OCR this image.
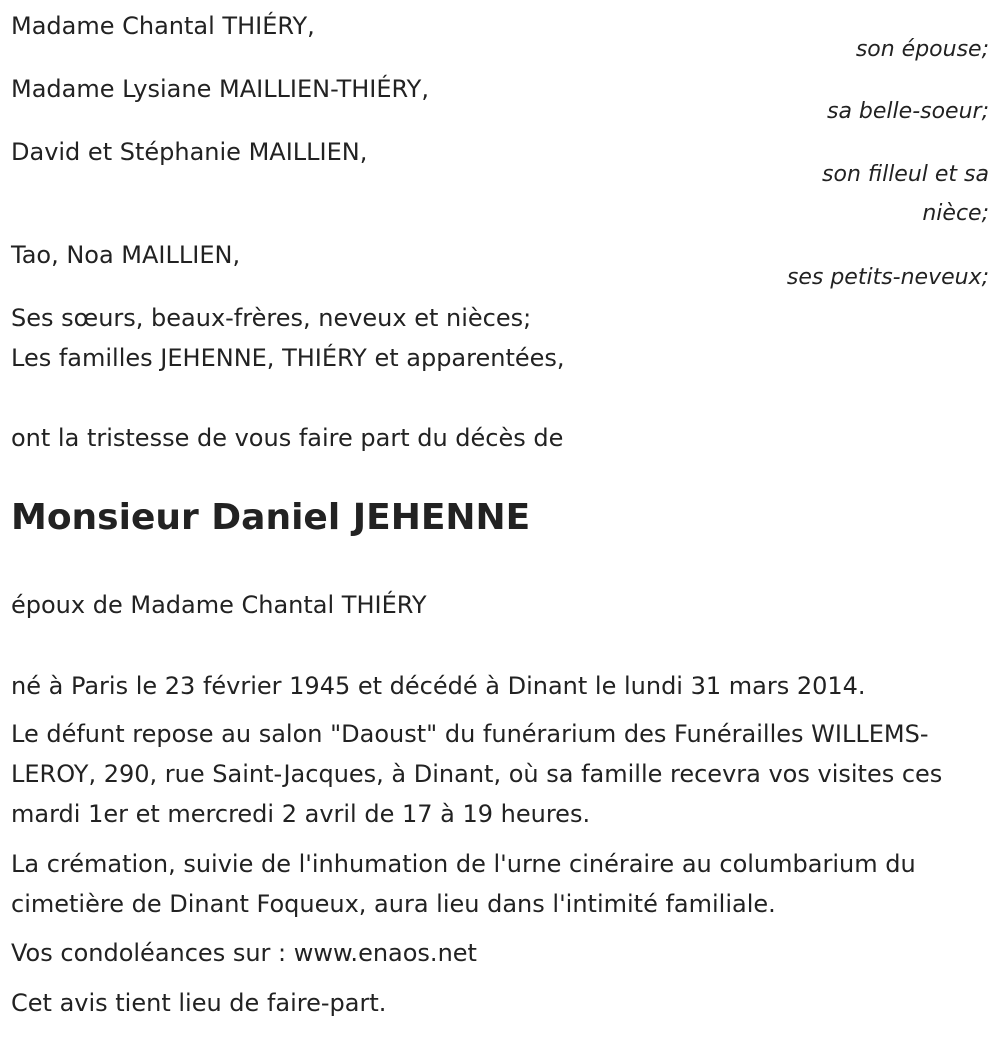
Madame Chantal THIÉRY,
son épouse;
Madame Lysiane MAILLIEN-THIÉRY,
sa belle-soeur;
David et Stéphanie MAILLIEN,
son filleul et sa
nièce;
Tao, Noa MAILLIEN,
ses petits-neveux;
Ses sœurs, beaux-frères, neveux et nièces;
Les familles JEHENNE, THIÉRY et apparentées,
ont la tristesse de vous faire part du décès de
Monsieur Daniel JEHENNE
époux de Madame Chantal THIÉRY
né à Paris le 23 février 1945 et décédé à Dinant le lundi 31 mars 2014.
Le défunt repose au salon "Daoust" du funérarium des Funérailles WILLEMS-LEROY, 290, rue Saint-Jacques, à Dinant, où sa famille recevra vos visites ces mardi 1er et mercredi 2 avril de 17 à 19 heures.
La crémation, suivie de l'inhumation de l'urne cinéraire au columbarium du cimetière de Dinant Foqueux, aura lieu dans l'intimité familiale.
Vos condoléances sur : www.enaos.net
Cet avis tient lieu de faire-part.
